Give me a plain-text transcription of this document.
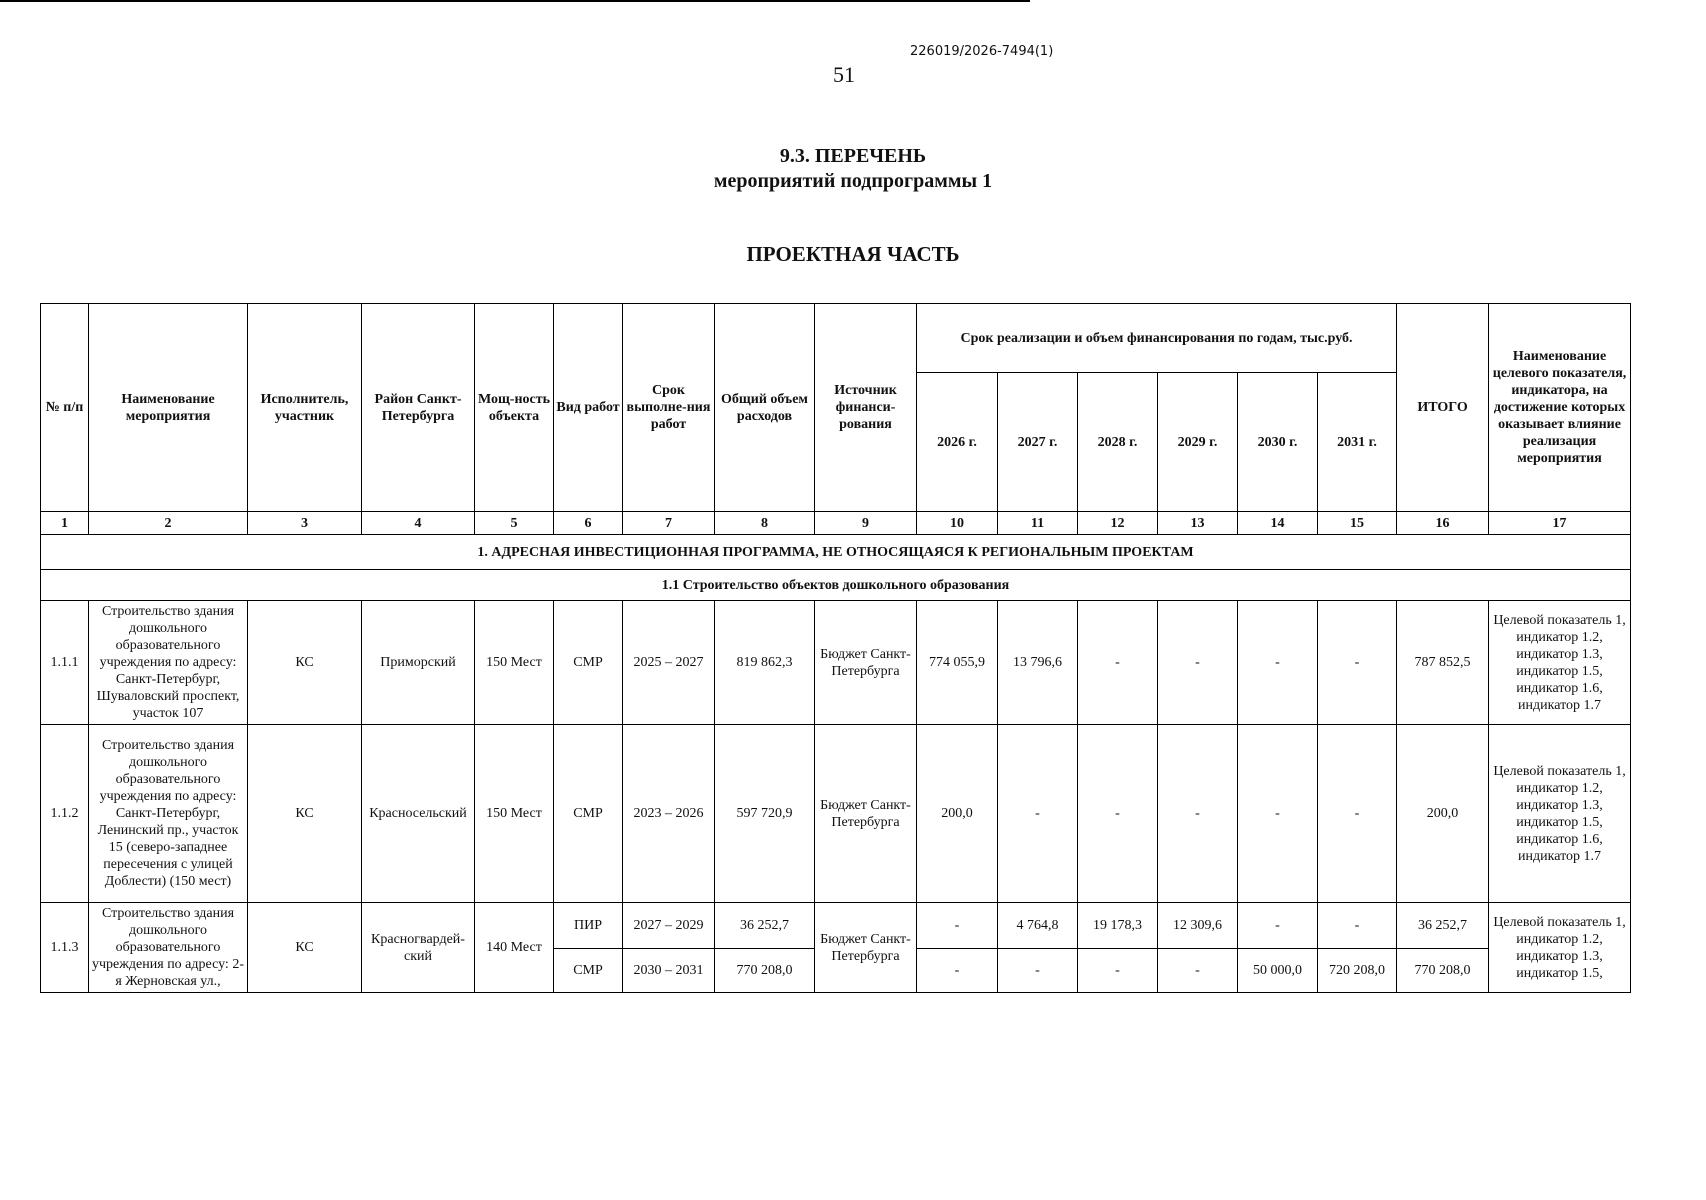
226019/2026-7494(1)
51
9.3. ПЕРЕЧЕНЬ
мероприятий подпрограммы 1
ПРОЕКТНАЯ ЧАСТЬ
№ п/п	Наименование мероприятия	Исполнитель, участник	Район Санкт-Петербурга	Мощ-ность объекта	Вид работ	Срок выполне-ния работ	Общий объем расходов	Источник финанси-рования	Срок реализации и объем финансирования по годам, тыс.руб.						ИТОГО	Наименование целевого показателя, индикатора, на достижение которых оказывает влияние реализация мероприятия
									2026 г.	2027 г.	2028 г.	2029 г.	2030 г.	2031 г.		
1	2	3	4	5	6	7	8	9	10	11	12	13	14	15	16	17
1. АДРЕСНАЯ ИНВЕСТИЦИОННАЯ ПРОГРАММА, НЕ ОТНОСЯЩАЯСЯ К РЕГИОНАЛЬНЫМ ПРОЕКТАМ																
1.1 Строительство объектов дошкольного образования																
1.1.1	Строительство здания дошкольного образовательного учреждения по адресу: Санкт-Петербург, Шуваловский проспект, участок 107	КС	Приморский	150 Мест	СМР	2025 – 2027	819 862,3	Бюджет Санкт-Петербурга	774 055,9	13 796,6	-	-	-	-	787 852,5	Целевой показатель 1, индикатор 1.2, индикатор 1.3, индикатор 1.5, индикатор 1.6, индикатор 1.7
1.1.2	Строительство здания дошкольного образовательного учреждения по адресу: Санкт-Петербург, Ленинский пр., участок 15 (северо-западнее пересечения с улицей Доблести) (150 мест)	КС	Красносельский	150 Мест	СМР	2023 – 2026	597 720,9	Бюджет Санкт-Петербурга	200,0	-	-	-	-	-	200,0	Целевой показатель 1, индикатор 1.2, индикатор 1.3, индикатор 1.5, индикатор 1.6, индикатор 1.7
1.1.3	Строительство здания дошкольного образовательного учреждения по адресу: 2-я Жерновская ул.,	КС	Красногвардей-ский	140 Мест	ПИР	2027 – 2029	36 252,7	Бюджет Санкт-Петербурга	-	4 764,8	19 178,3	12 309,6	-	-	36 252,7	Целевой показатель 1, индикатор 1.2, индикатор 1.3, индикатор 1.5,
					СМР	2030 – 2031	770 208,0		-	-	-	-	50 000,0	720 208,0	770 208,0	
